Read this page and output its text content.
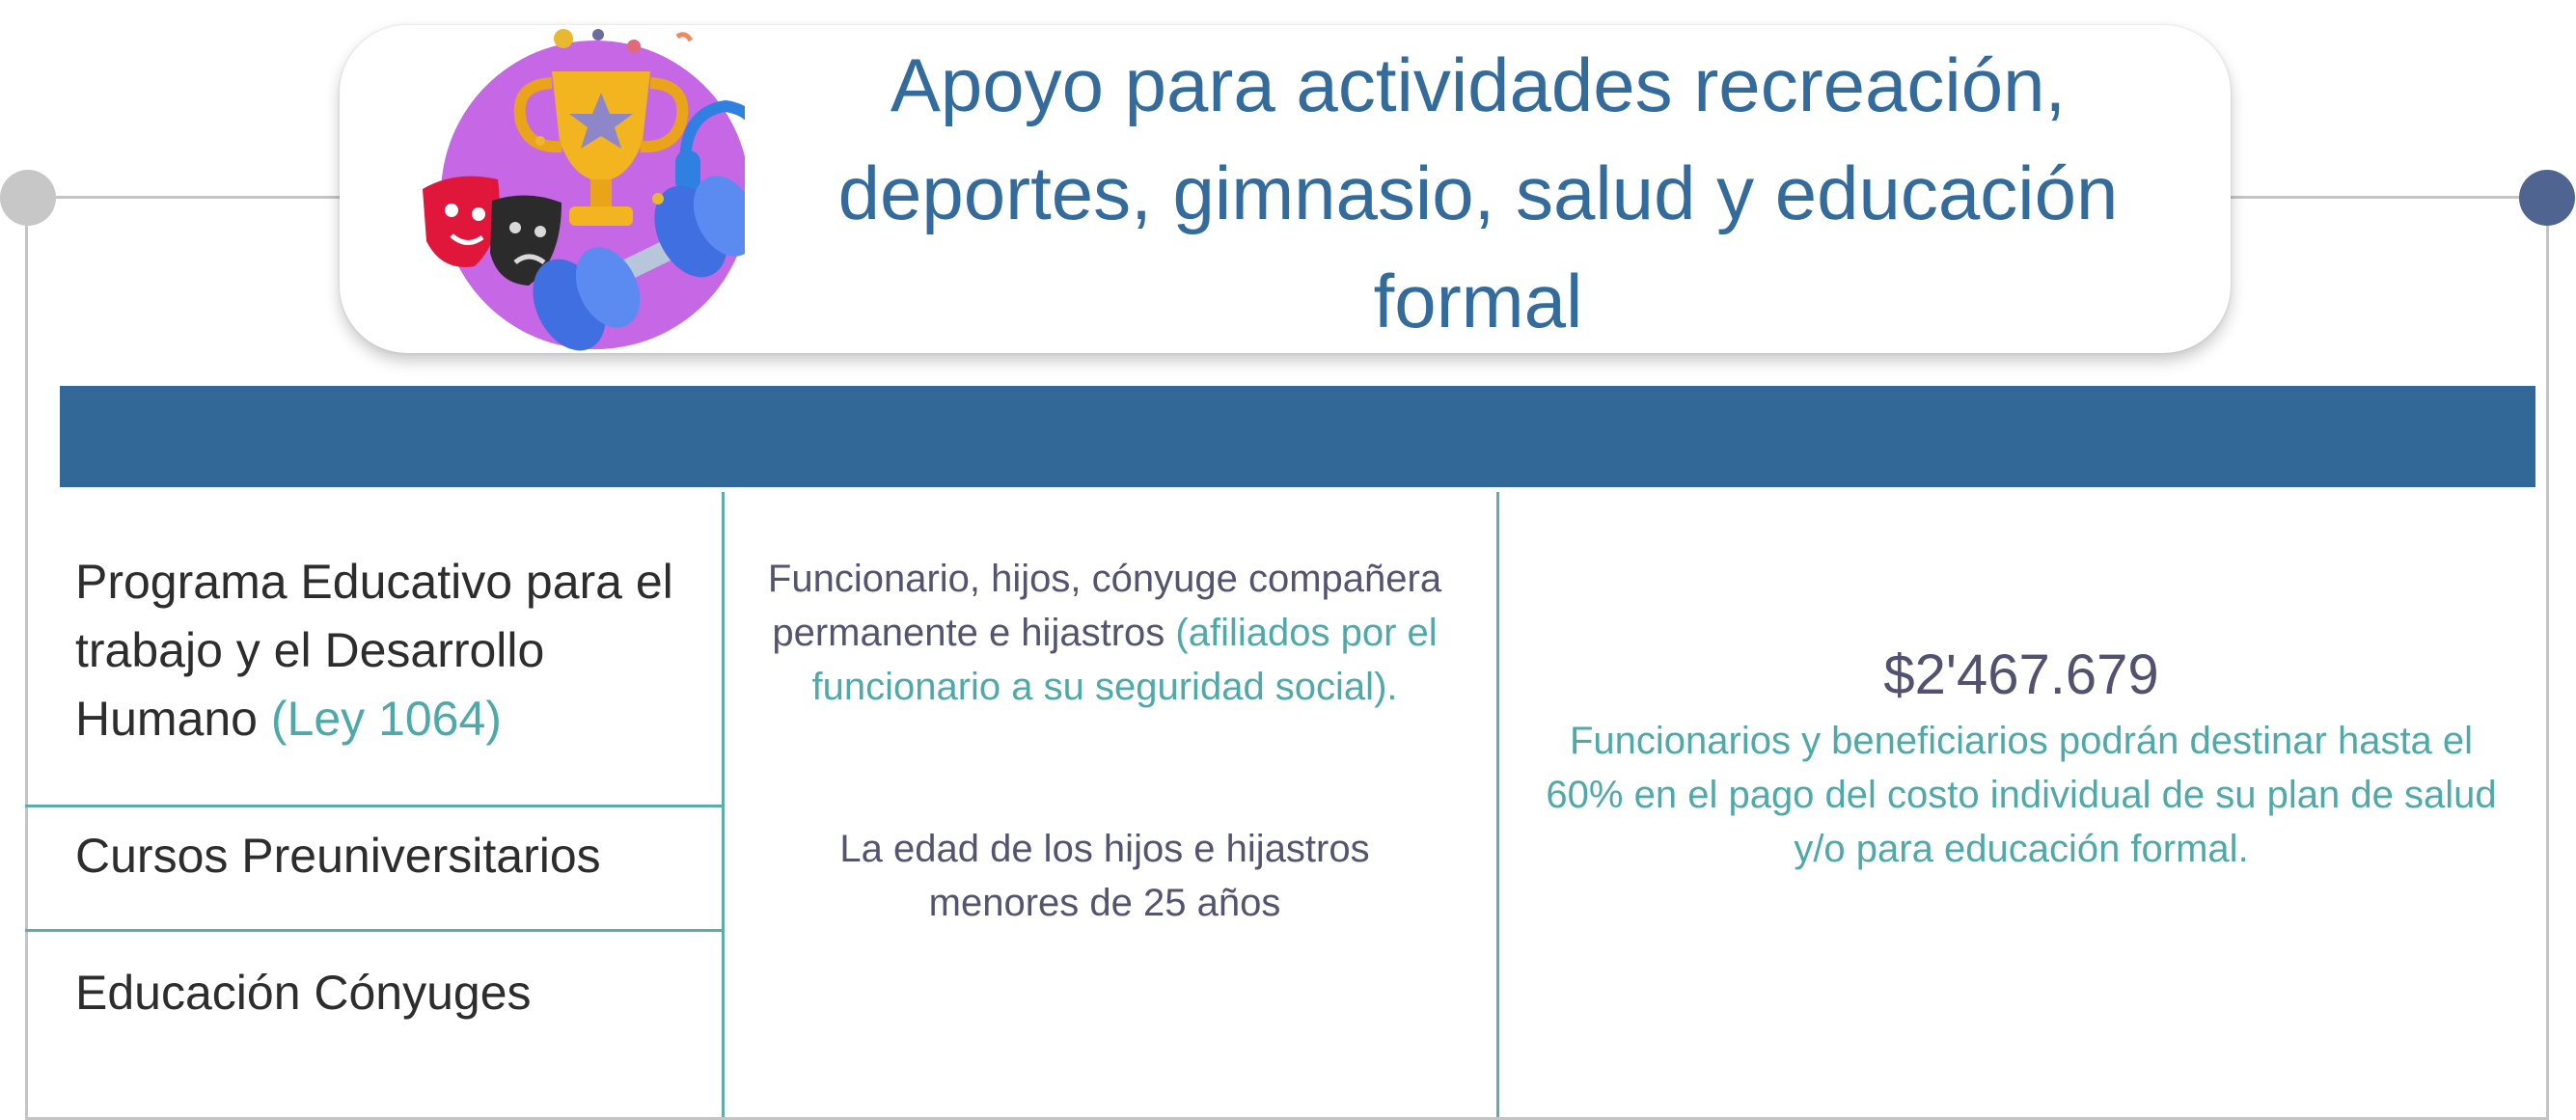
Apoyo para actividades recreación,
deportes, gimnasio, salud y educación
formal
Programa Educativo para el trabajo y el Desarrollo Humano (Ley 1064)
Cursos Preuniversitarios
Educación Cónyuges
Funcionario, hijos, cónyuge compañera permanente e hijastros (afiliados por el funcionario a su seguridad social).
La edad de los hijos e hijastros menores de 25 años
$2'467.679
Funcionarios y beneficiarios podrán destinar hasta el 60% en el pago del costo individual de su plan de salud y/o para educación formal.
